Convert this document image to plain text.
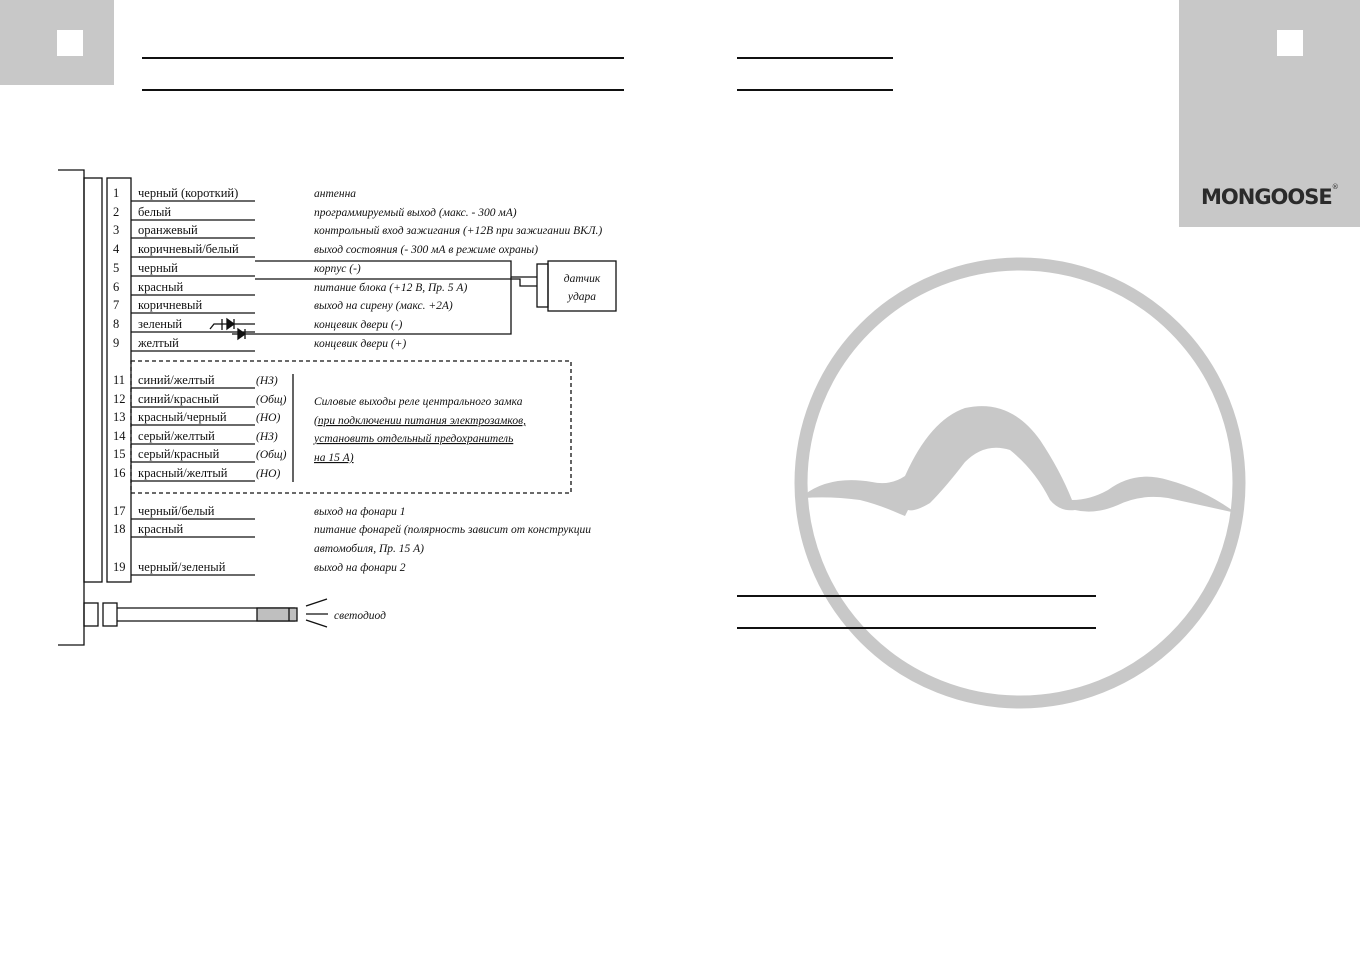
MONGOOSE®
1 черный (короткий)	антенна
2 белый	программируемый выход (макс. - 300 мА)
3 оранжевый	контрольный вход зажигания (+12В при зажигании ВКЛ.)
4 коричневый/белый	выход состояния (- 300 мА в режиме охраны)
5 черный	корпус (-)
6 красный	питание блока (+12 В, Пр. 5 А)
7 коричневый	выход на сирену (макс. +2А)
8 зеленый	концевик двери (-)
9 желтый	концевик двери (+)
11 синий/желтый	(НЗ)
12 синий/красный	(Общ)
13 красный/черный	(НО)
14 серый/желтый	(НЗ)
15 серый/красный	(Общ)
16 красный/желтый (НО)
17 черный/белый	выход на фонари 1
18 красный	питание фонарей (полярность зависит от конструкции
автомобиля, Пр. 15 А)
19 черный/зеленый	выход на фонари 2
Силовые выходы реле центрального замка
(при подключении питания электрозамков,
установить отдельный предохранитель
на 15 А)
датчик
удара
светодиод
